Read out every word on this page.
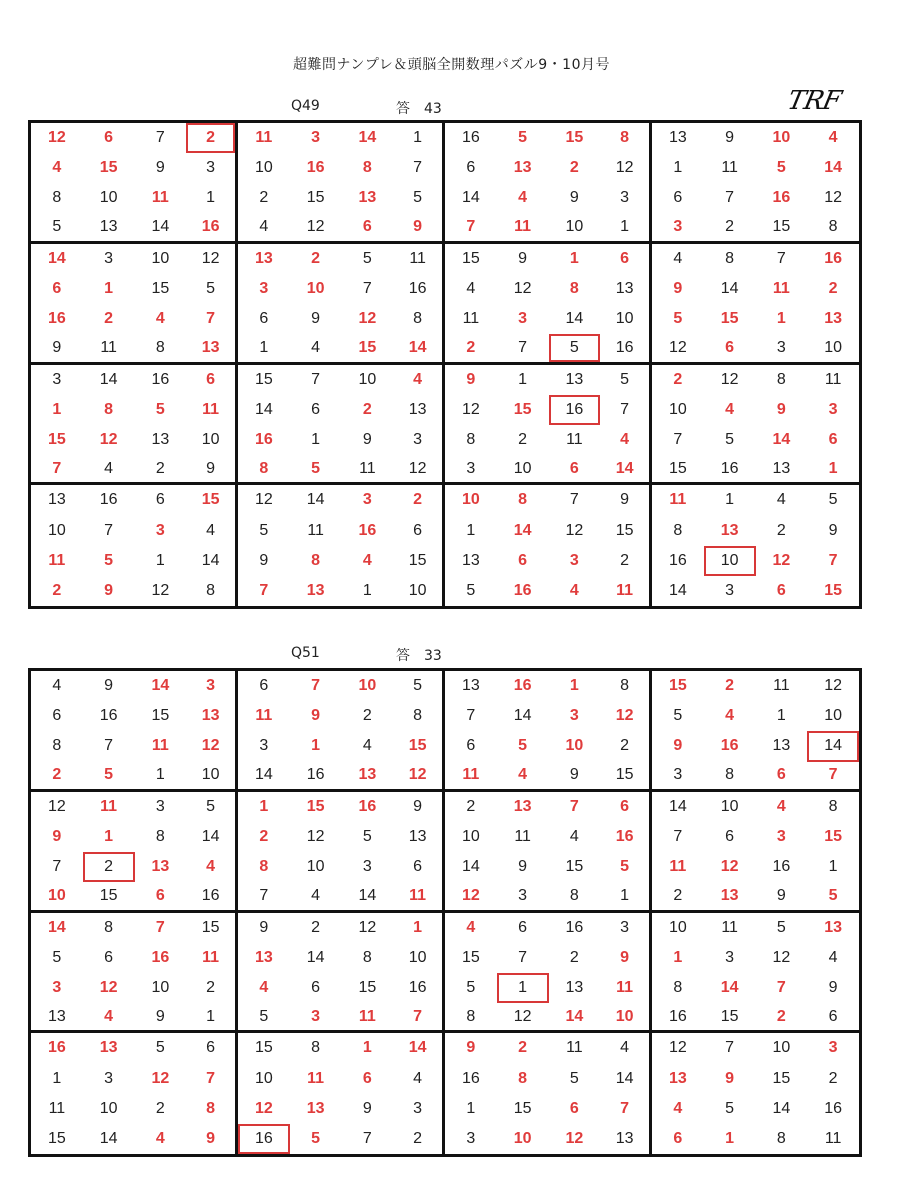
超難問ナンプレ＆頭脳全開数理パズル9・10月号
TRF
Q49	答　43
12	6	7	2	11	3	14	1	16	5	15	8	13	9	10	4
4	15	9	3	10	16	8	7	6	13	2	12	1	11	5	14
8	10	11	1	2	15	13	5	14	4	9	3	6	7	16	12
5	13	14	16	4	12	6	9	7	11	10	1	3	2	15	8
14	3	10	12	13	2	5	11	15	9	1	6	4	8	7	16
6	1	15	5	3	10	7	16	4	12	8	13	9	14	11	2
16	2	4	7	6	9	12	8	11	3	14	10	5	15	1	13
9	11	8	13	1	4	15	14	2	7	5	16	12	6	3	10
3	14	16	6	15	7	10	4	9	1	13	5	2	12	8	11
1	8	5	11	14	6	2	13	12	15	16	7	10	4	9	3
15	12	13	10	16	1	9	3	8	2	11	4	7	5	14	6
7	4	2	9	8	5	11	12	3	10	6	14	15	16	13	1
13	16	6	15	12	14	3	2	10	8	7	9	11	1	4	5
10	7	3	4	5	11	16	6	1	14	12	15	8	13	2	9
11	5	1	14	9	8	4	15	13	6	3	2	16	10	12	7
2	9	12	8	7	13	1	10	5	16	4	11	14	3	6	15
Q51	答　33
4	9	14	3	6	7	10	5	13	16	1	8	15	2	11	12
6	16	15	13	11	9	2	8	7	14	3	12	5	4	1	10
8	7	11	12	3	1	4	15	6	5	10	2	9	16	13	14
2	5	1	10	14	16	13	12	11	4	9	15	3	8	6	7
12	11	3	5	1	15	16	9	2	13	7	6	14	10	4	8
9	1	8	14	2	12	5	13	10	11	4	16	7	6	3	15
7	2	13	4	8	10	3	6	14	9	15	5	11	12	16	1
10	15	6	16	7	4	14	11	12	3	8	1	2	13	9	5
14	8	7	15	9	2	12	1	4	6	16	3	10	11	5	13
5	6	16	11	13	14	8	10	15	7	2	9	1	3	12	4
3	12	10	2	4	6	15	16	5	1	13	11	8	14	7	9
13	4	9	1	5	3	11	7	8	12	14	10	16	15	2	6
16	13	5	6	15	8	1	14	9	2	11	4	12	7	10	3
1	3	12	7	10	11	6	4	16	8	5	14	13	9	15	2
11	10	2	8	12	13	9	3	1	15	6	7	4	5	14	16
15	14	4	9	16	5	7	2	3	10	12	13	6	1	8	11
